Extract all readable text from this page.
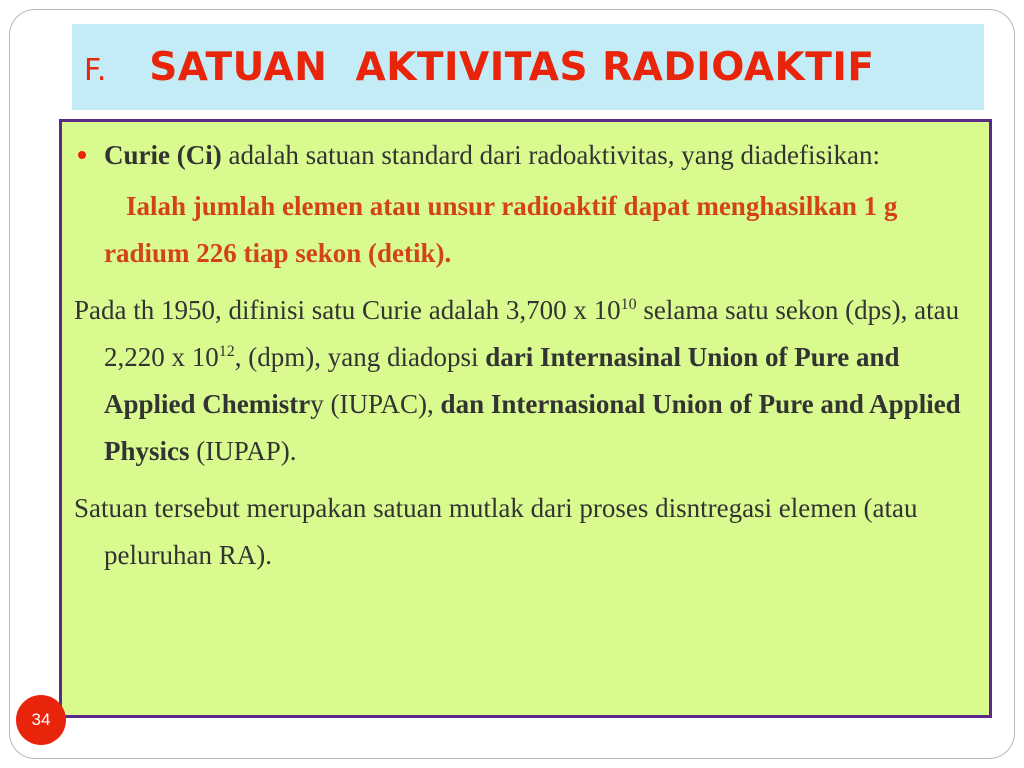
F. SATUAN  AKTIVITAS RADIOAKTIF

Curie (Ci) adalah satuan standard dari radoaktivitas, yang diadefisikan:

Ialah jumlah elemen atau unsur radioaktif dapat menghasilkan 1 g radium 226 tiap sekon (detik).

Pada th 1950, difinisi satu Curie adalah 3,700 x $10^{10}$ selama satu sekon (dps), atau 2,220 x $10^{12}$, (dpm), yang diadopsi dari Internasinal Union of Pure and Applied Chemistry (IUPAC), dan Internasional Union of Pure and Applied Physics (IUPAP).

Satuan tersebut merupakan satuan mutlak dari proses disntregasi elemen (atau peluruhan RA).

34
